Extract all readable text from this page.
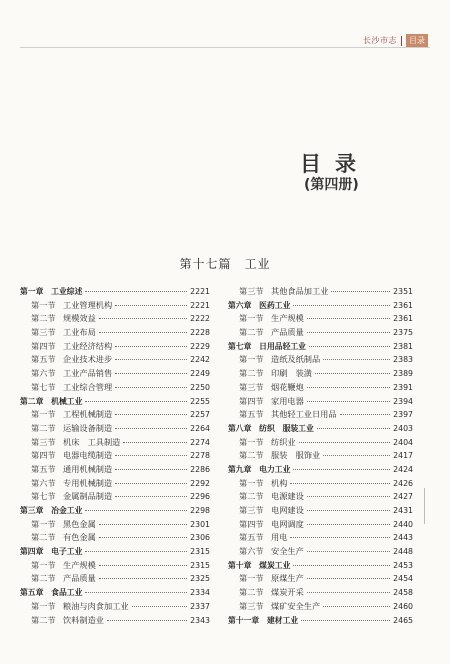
长沙市志	目录
目录
(第四册)
第十七篇　工业
第一章　工业综述	2221
第一节 工业管理机构	2221
第二节 规模效益	2222
第三节 工业布局	2228
第四节 工业经济结构	2229
第五节 企业技术进步	2242
第六节 工业产品销售	2249
第七节 工业综合管理	2250
第二章　机械工业	2255
第一节 工程机械制造	2257
第二节 运输设备制造	2264
第三节 机床　工具制造	2274
第四节 电器电缆制造	2278
第五节 通用机械制造	2286
第六节 专用机械制造	2292
第七节 金属制品制造	2296
第三章　冶金工业	2298
第一节 黑色金属	2301
第二节 有色金属	2306
第四章　电子工业	2315
第一节 生产规模	2315
第二节 产品质量	2325
第五章　食品工业	2334
第一节 粮油与肉食加工业	2337
第二节 饮料制造业	2343
第三节 其他食品加工业	2351
第六章　医药工业	2361
第一节 生产规模	2361
第二节 产品质量	2375
第七章　日用品轻工业	2381
第一节 造纸及纸制品	2383
第二节 印刷　装潢	2389
第三节 烟花鞭炮	2391
第四节 家用电器	2394
第五节 其他轻工业日用品	2397
第八章　纺织　服装工业	2403
第一节 纺织业	2404
第二节 服装　服饰业	2417
第九章　电力工业	2424
第一节 机构	2426
第二节 电源建设	2427
第三节 电网建设	2431
第四节 电网调度	2440
第五节 用电	2443
第六节 安全生产	2448
第十章　煤炭工业	2453
第一节 原煤生产	2454
第二节 煤炭开采	2458
第三节 煤矿安全生产	2460
第十一章　建材工业	2465
